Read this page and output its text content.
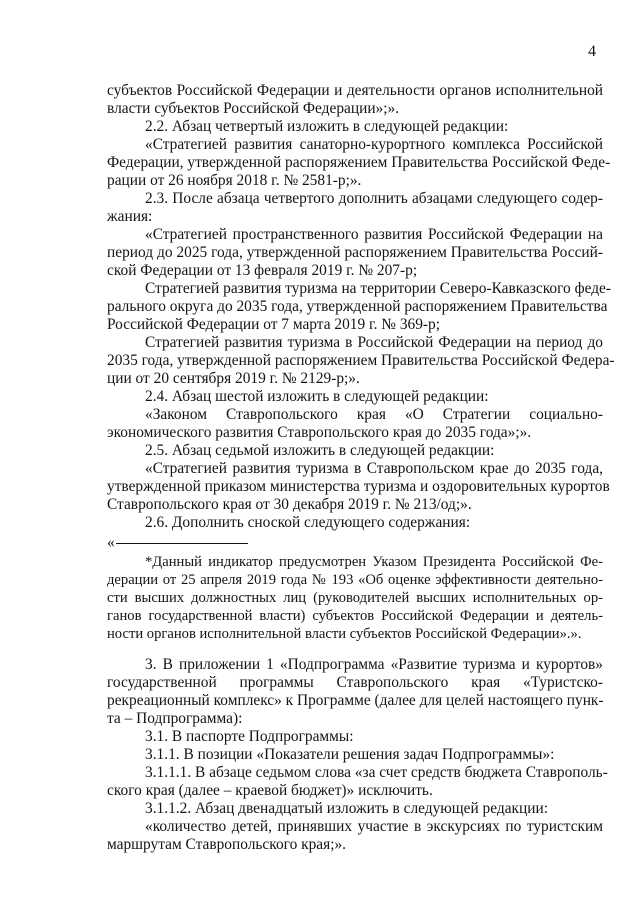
4
субъектов Российской Федерации и деятельности органов исполнительной
власти субъектов Российской Федерации»;».
2.2. Абзац четвертый изложить в следующей редакции:
«Стратегией развития санаторно-курортного комплекса Российской
Федерации, утвержденной распоряжением Правительства Российской Феде-
рации от 26 ноября 2018 г. № 2581-р;».
2.3. После абзаца четвертого дополнить абзацами следующего содер-
жания:
«Стратегией пространственного развития Российской Федерации на
период до 2025 года, утвержденной распоряжением Правительства Россий-
ской Федерации от 13 февраля 2019 г. № 207-р;
Стратегией развития туризма на территории Северо-Кавказского феде-
рального округа до 2035 года, утвержденной распоряжением Правительства
Российской Федерации от 7 марта 2019 г. № 369-р;
Стратегией развития туризма в Российской Федерации на период до
2035 года, утвержденной распоряжением Правительства Российской Федера-
ции от 20 сентября 2019 г. № 2129-р;».
2.4. Абзац шестой изложить в следующей редакции:
«Законом Ставропольского края «О Стратегии социально-
экономического развития Ставропольского края до 2035 года»;».
2.5. Абзац седьмой изложить в следующей редакции:
«Стратегией развития туризма в Ставропольском крае до 2035 года,
утвержденной приказом министерства туризма и оздоровительных курортов
Ставропольского края от 30 декабря 2019 г. № 213/од;».
2.6. Дополнить сноской следующего содержания:
«
*Данный индикатор предусмотрен Указом Президента Российской Фе-
дерации от 25 апреля 2019 года № 193 «Об оценке эффективности деятельно-
сти высших должностных лиц (руководителей высших исполнительных ор-
ганов государственной власти) субъектов Российской Федерации и деятель-
ности органов исполнительной власти субъектов Российской Федерации».».
3. В приложении 1 «Подпрограмма «Развитие туризма и курортов»
государственной программы Ставропольского края «Туристско-
рекреационный комплекс» к Программе (далее для целей настоящего пунк-
та – Подпрограмма):
3.1. В паспорте Подпрограммы:
3.1.1. В позиции «Показатели решения задач Подпрограммы»:
3.1.1.1. В абзаце седьмом слова «за счет средств бюджета Ставрополь-
ского края (далее – краевой бюджет)» исключить.
3.1.1.2. Абзац двенадцатый изложить в следующей редакции:
«количество детей, принявших участие в экскурсиях по туристским
маршрутам Ставропольского края;».
